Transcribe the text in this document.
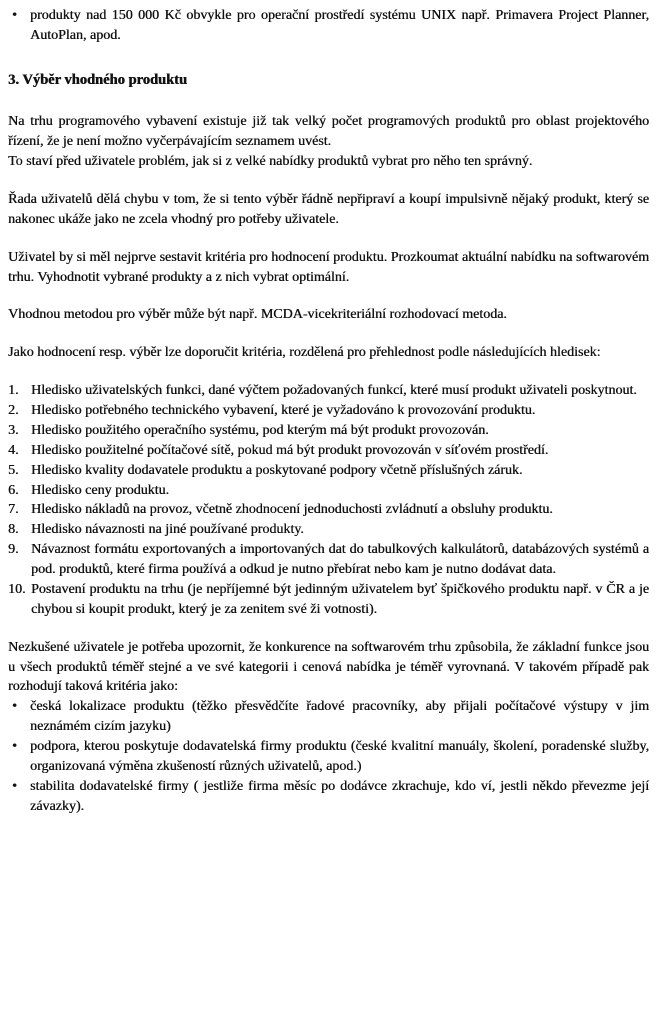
• produkty nad 150 000 Kč obvykle pro operační prostředí systému UNIX např. Primavera Project Planner, AutoPlan, apod.
3. Výběr vhodného produktu

Na trhu programového vybavení existuje již tak velký počet programových produktů pro oblast projektového řízení, že je není možno vyčerpávajícím seznamem uvést.

To staví před uživatele problém, jak si z velké nabídky produktů vybrat pro něho ten správný.

Řada uživatelů dělá chybu v tom, že si tento výběr řádně nepřipraví a koupí impulsivně nějaký produkt, který se nakonec ukáže jako ne zcela vhodný pro potřeby uživatele.

Uživatel by si měl nejprve sestavit kritéria pro hodnocení produktu. Prozkoumat aktuální nabídku na softwarovém trhu. Vyhodnotit vybrané produkty a z nich vybrat optimální.

Vhodnou metodou pro výběr může být např. MCDA-vicekriteriální rozhodovací metoda.

Jako hodnocení resp. výběr lze doporučit kritéria, rozdělená pro přehlednost podle následujících hledisek:

1. Hledisko uživatelských funkci, dané výčtem požadovaných funkcí, které musí produkt uživateli poskytnout.
2. Hledisko potřebného technického vybavení, které je vyžadováno k provozování produktu.
3. Hledisko použitého operačního systému, pod kterým má být produkt provozován.
4. Hledisko použitelné počítačové sítě, pokud má být produkt provozován v síťovém prostředí.
5. Hledisko kvality dodavatele produktu a poskytované podpory včetně příslušných záruk.
6. Hledisko ceny produktu.
7. Hledisko nákladů na provoz, včetně zhodnocení jednoduchosti zvládnutí a obsluhy produktu.
8. Hledisko návaznosti na jiné používané produkty.
9. Návaznost formátu exportovaných a importovaných dat do tabulkových kalkulátorů, databázových systémů a pod. produktů, které firma používá a odkud je nutno přebírat nebo kam je nutno dodávat data.
10. Postavení produktu na trhu (je nepříjemné být jedinným uživatelem byť špičkového produktu např. v ČR a je chybou si koupit produkt, který je za zenitem své ži votnosti).

Nezkušené uživatele je potřeba upozornit, že konkurence na softwarovém trhu způsobila, že základní funkce jsou u všech produktů téměř stejné a ve své kategorii i cenová nabídka je téměř vyrovnaná. V takovém případě pak rozhodují taková kritéria jako:

• česká lokalizace produktu (těžko přesvědčíte řadové pracovníky, aby přijali počítačové výstupy v jim neznámém cizím jazyku)
• podpora, kterou poskytuje dodavatelská firmy produktu (české kvalitní manuály, školení, poradenské služby, organizovaná výměna zkušeností různých uživatelů, apod.)
• stabilita dodavatelské firmy ( jestliže firma měsíc po dodávce zkrachuje, kdo ví, jestli někdo převezme její závazky).
